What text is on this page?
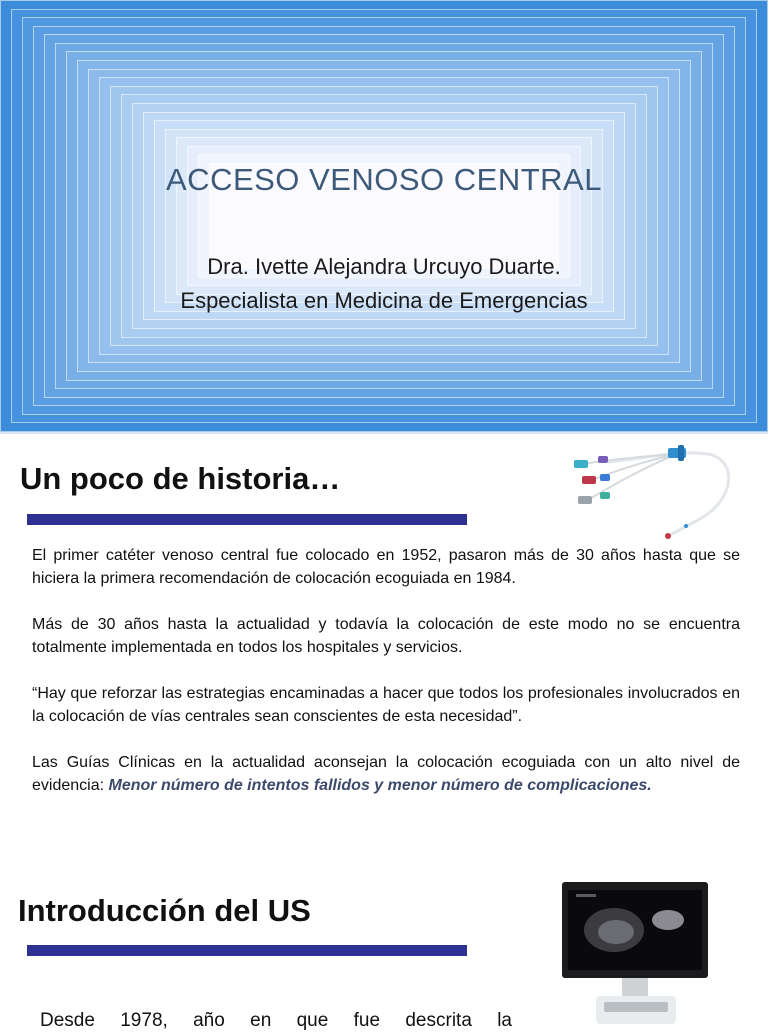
ACCESO VENOSO CENTRAL
Dra. Ivette Alejandra Urcuyo Duarte.
Especialista en Medicina de Emergencias
Un poco de historia…

El primer catéter venoso central fue colocado en 1952, pasaron más de 30 años hasta que se hiciera la primera recomendación de colocación ecoguiada en 1984.

Más de 30 años hasta la actualidad y todavía la colocación de este modo no se encuentra totalmente implementada en todos los hospitales y servicios.

“Hay que reforzar las estrategias encaminadas a hacer que todos los profesionales involucrados en la colocación de vías centrales sean conscientes de esta necesidad”.

Las Guías Clínicas en la actualidad aconsejan la colocación ecoguiada con un alto nivel de evidencia: Menor número de intentos fallidos y menor número de complicaciones.

Introducción del US
Desde 1978, año en que fue descrita la
